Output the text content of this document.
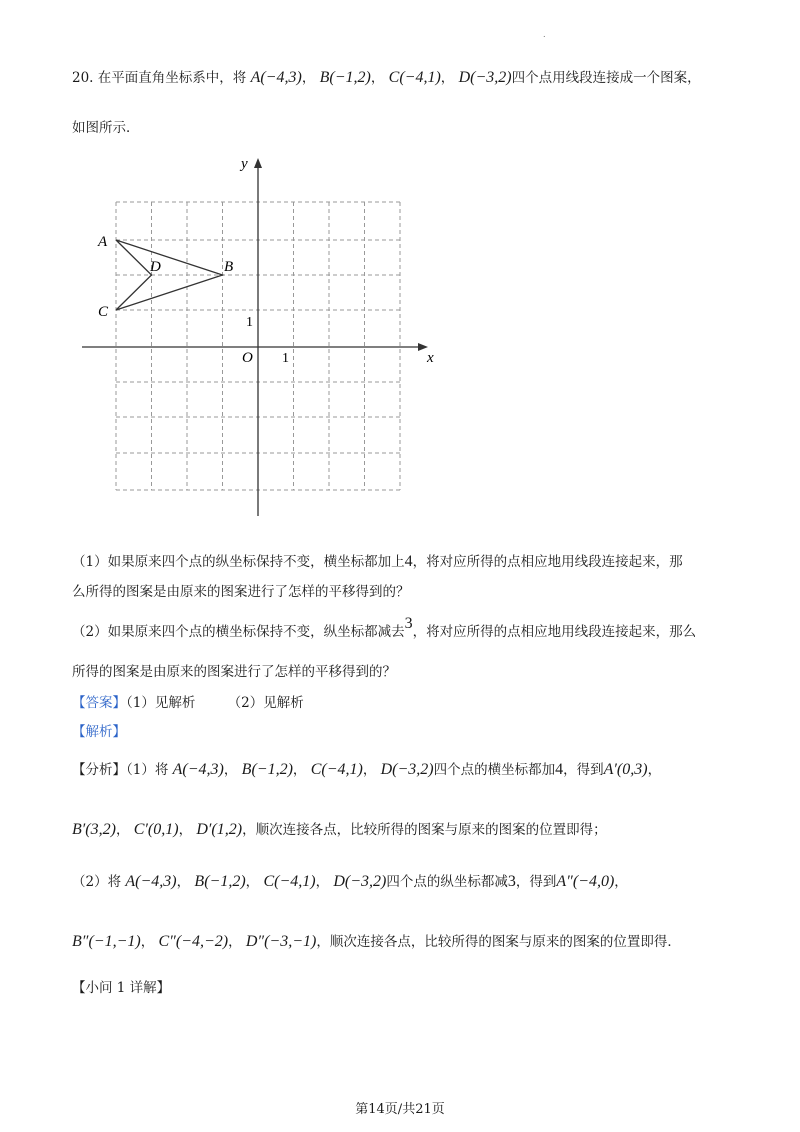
.
20. 在平面直角坐标系中，将 A(−4,3)， B(−1,2)， C(−4,1)， D(−3,2)四个点用线段连接成一个图案，
如图所示．
x
y
O 1
1
A
B
C
D
（1）如果原来四个点的纵坐标保持不变，横坐标都加上4，将对应所得的点相应地用线段连接起来，那
么所得的图案是由原来的图案进行了怎样的平移得到的？
（2）如果原来四个点的横坐标保持不变，纵坐标都减去3，将对应所得的点相应地用线段连接起来，那么
所得的图案是由原来的图案进行了怎样的平移得到的？
【答案】（1）见解析 （2）见解析
【解析】
【分析】（1）将 A(−4,3)， B(−1,2)， C(−4,1)， D(−3,2)四个点的横坐标都加4，得到A′(0,3)，
B′(3,2)， C′(0,1)， D′(1,2)，顺次连接各点，比较所得的图案与原来的图案的位置即得；
（2）将 A(−4,3)， B(−1,2)， C(−4,1)， D(−3,2)四个点的纵坐标都减3，得到A″(−4,0)，
B″(−1,−1)， C″(−4,−2)， D″(−3,−1)，顺次连接各点，比较所得的图案与原来的图案的位置即得．
【小问 1 详解】
第14页/共21页
